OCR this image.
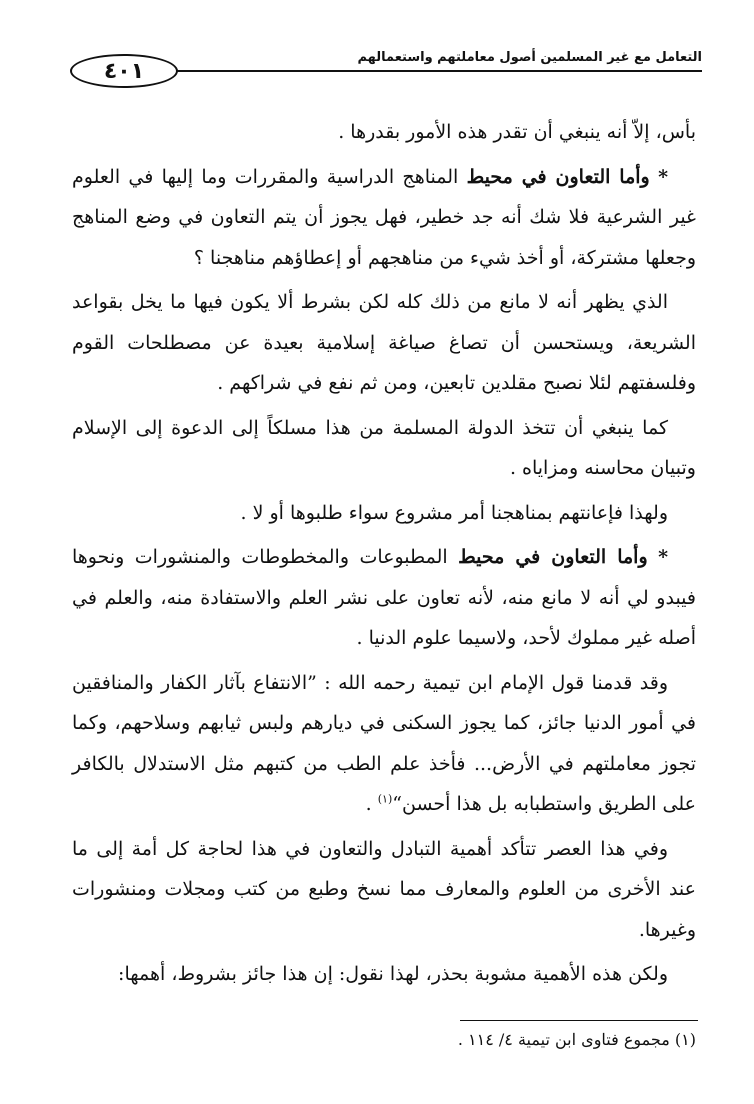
٤٠١
التعامل مع غير المسلمين أصول معاملتهم واستعمالهم

بأس، إلاّ أنه ينبغي أن تقدر هذه الأمور بقدرها .

* وأما التعاون في محيط المناهج الدراسية والمقررات وما إليها في العلوم غير الشرعية فلا شك أنه جد خطير، فهل يجوز أن يتم التعاون في وضع المناهج وجعلها مشتركة، أو أخذ شيء من مناهجهم أو إعطاؤهم مناهجنا ؟

الذي يظهر أنه لا مانع من ذلك كله لكن بشرط ألا يكون فيها ما يخل بقواعد الشريعة، ويستحسن أن تصاغ صياغة إسلامية بعيدة عن مصطلحات القوم وفلسفتهم لئلا نصبح مقلدين تابعين، ومن ثم نفع في شراكهم .

كما ينبغي أن تتخذ الدولة المسلمة من هذا مسلكاً إلى الدعوة إلى الإسلام وتبيان محاسنه ومزاياه .

ولهذا فإعانتهم بمناهجنا أمر مشروع سواء طلبوها أو لا .

* وأما التعاون في محيط المطبوعات والمخطوطات والمنشورات ونحوها فيبدو لي أنه لا مانع منه، لأنه تعاون على نشر العلم والاستفادة منه، والعلم في أصله غير مملوك لأحد، ولاسيما علوم الدنيا .

وقد قدمنا قول الإمام ابن تيمية رحمه الله : ”الانتفاع بآثار الكفار والمنافقين في أمور الدنيا جائز، كما يجوز السكنى في ديارهم ولبس ثيابهم وسلاحهم، وكما تجوز معاملتهم في الأرض... فأخذ علم الطب من كتبهم مثل الاستدلال بالكافر على الطريق واستطبابه بل هذا أحسن“$^{(١)}$ .

وفي هذا العصر تتأكد أهمية التبادل والتعاون في هذا لحاجة كل أمة إلى ما عند الأخرى من العلوم والمعارف مما نسخ وطبع من كتب ومجلات ومنشورات وغيرها.

ولكن هذه الأهمية مشوبة بحذر، لهذا نقول: إن هذا جائز بشروط، أهمها:

(١) مجموع فتاوى ابن تيمية ٤/ ١١٤ .
